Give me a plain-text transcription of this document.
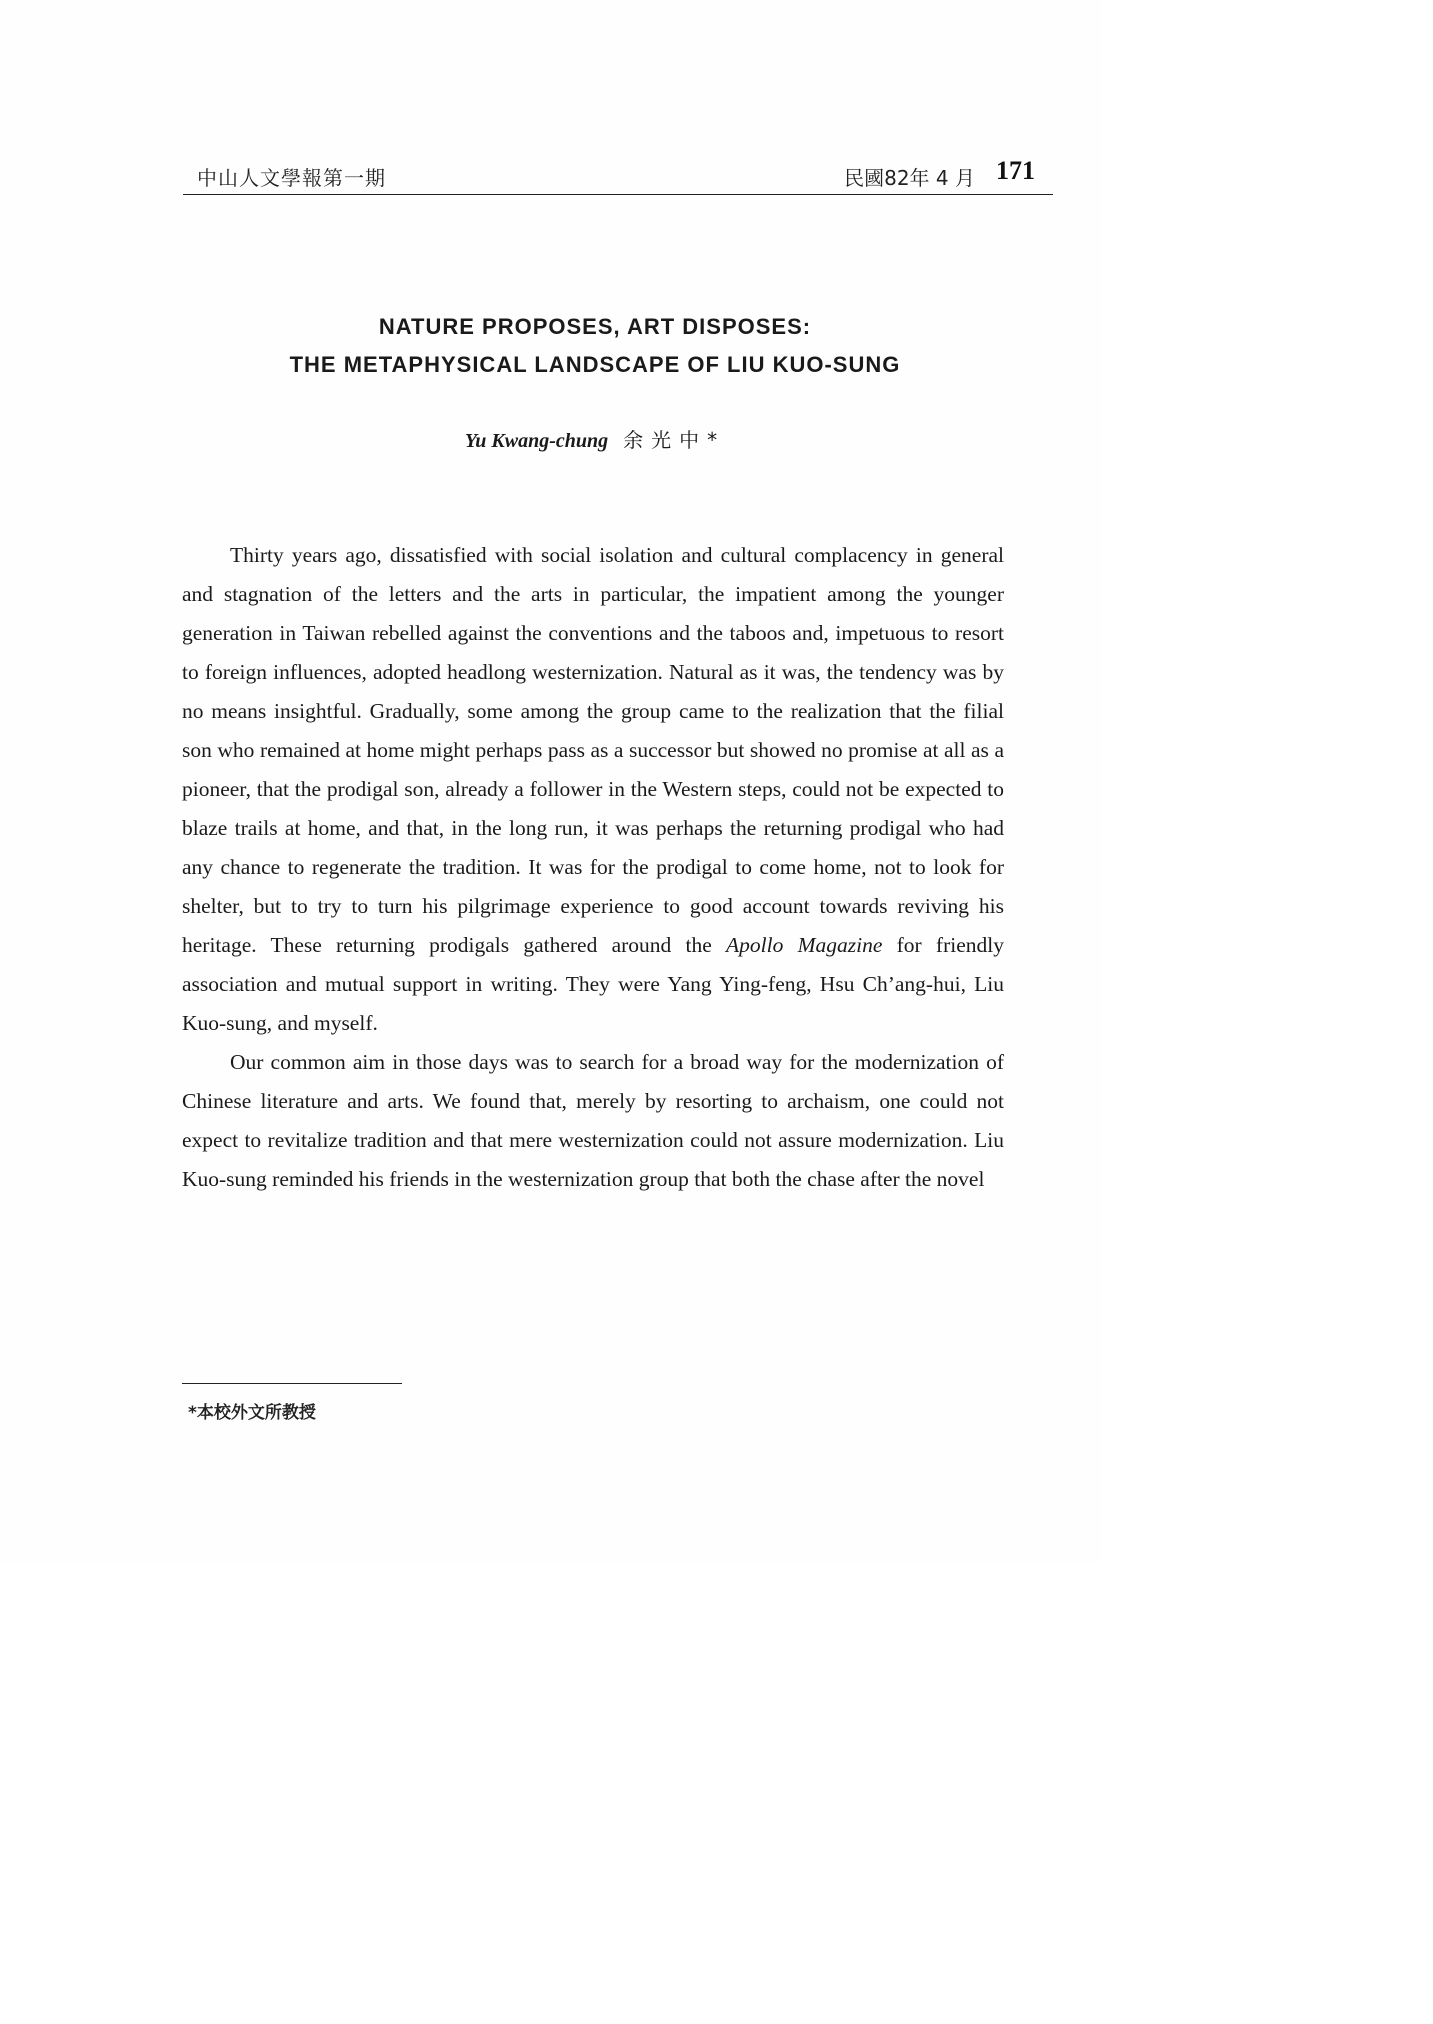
中山人文學報第一期	民國82年 4 月 171
NATURE PROPOSES, ART DISPOSES:
THE METAPHYSICAL LANDSCAPE OF LIU KUO-SUNG
Yu Kwang-chung 余光中*

Thirty years ago, dissatisfied with social isolation and cultural complacency in general and stagnation of the letters and the arts in particular, the impatient among the younger generation in Taiwan rebelled against the conventions and the taboos and, impetuous to resort to foreign influences, adopted headlong westernization. Natural as it was, the tendency was by no means insightful. Gradually, some among the group came to the realization that the filial son who remained at home might perhaps pass as a successor but showed no promise at all as a pioneer, that the prodigal son, already a follower in the Western steps, could not be expected to blaze trails at home, and that, in the long run, it was perhaps the returning prodigal who had any chance to regenerate the tradition. It was for the prodigal to come home, not to look for shelter, but to try to turn his pilgrimage experience to good account towards reviving his heritage. These returning prodigals gathered around the Apollo Magazine for friendly association and mutual support in writing. They were Yang Ying-feng, Hsu Ch’ang-hui, Liu Kuo-sung, and myself.

Our common aim in those days was to search for a broad way for the modernization of Chinese literature and arts. We found that, merely by resorting to archaism, one could not expect to revitalize tradition and that mere westernization could not assure modernization. Liu Kuo-sung reminded his friends in the westernization group that both the chase after the novel

*本校外文所教授
